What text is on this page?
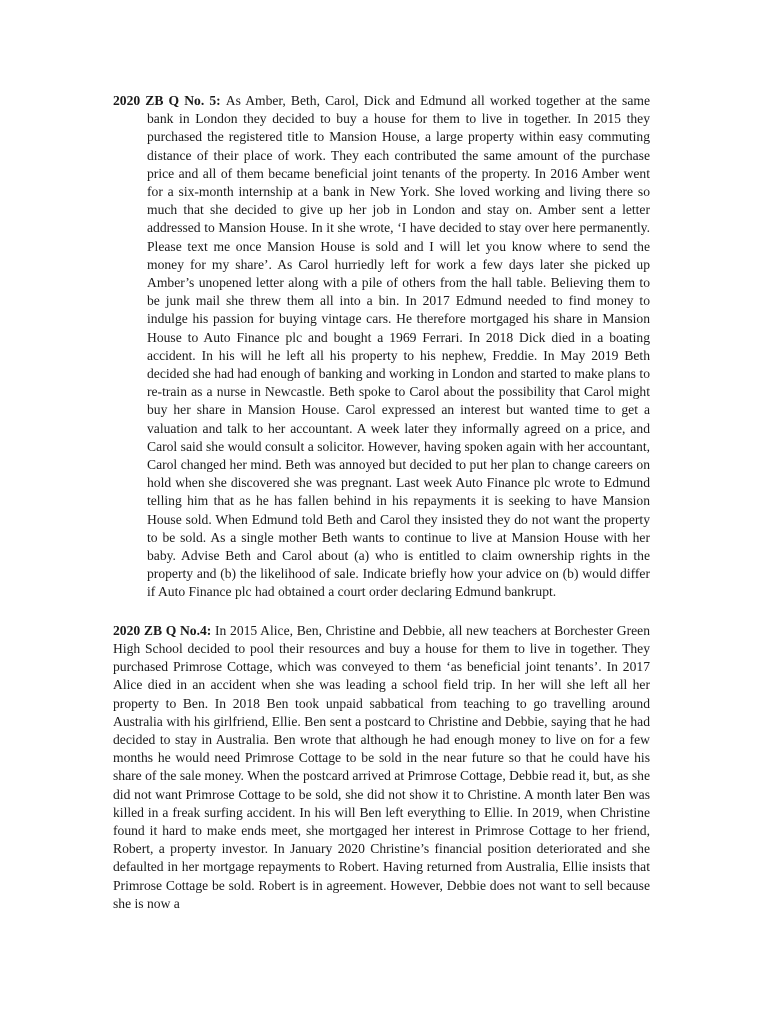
2020 ZB Q No. 5: As Amber, Beth, Carol, Dick and Edmund all worked together at the same bank in London they decided to buy a house for them to live in together. In 2015 they purchased the registered title to Mansion House, a large property within easy commuting distance of their place of work. They each contributed the same amount of the purchase price and all of them became beneficial joint tenants of the property. In 2016 Amber went for a six-month internship at a bank in New York. She loved working and living there so much that she decided to give up her job in London and stay on. Amber sent a letter addressed to Mansion House. In it she wrote, ‘I have decided to stay over here permanently. Please text me once Mansion House is sold and I will let you know where to send the money for my share’. As Carol hurriedly left for work a few days later she picked up Amber’s unopened letter along with a pile of others from the hall table. Believing them to be junk mail she threw them all into a bin. In 2017 Edmund needed to find money to indulge his passion for buying vintage cars. He therefore mortgaged his share in Mansion House to Auto Finance plc and bought a 1969 Ferrari. In 2018 Dick died in a boating accident. In his will he left all his property to his nephew, Freddie. In May 2019 Beth decided she had had enough of banking and working in London and started to make plans to re-train as a nurse in Newcastle. Beth spoke to Carol about the possibility that Carol might buy her share in Mansion House. Carol expressed an interest but wanted time to get a valuation and talk to her accountant. A week later they informally agreed on a price, and Carol said she would consult a solicitor. However, having spoken again with her accountant, Carol changed her mind. Beth was annoyed but decided to put her plan to change careers on hold when she discovered she was pregnant. Last week Auto Finance plc wrote to Edmund telling him that as he has fallen behind in his repayments it is seeking to have Mansion House sold. When Edmund told Beth and Carol they insisted they do not want the property to be sold. As a single mother Beth wants to continue to live at Mansion House with her baby. Advise Beth and Carol about (a) who is entitled to claim ownership rights in the property and (b) the likelihood of sale. Indicate briefly how your advice on (b) would differ if Auto Finance plc had obtained a court order declaring Edmund bankrupt.
2020 ZB Q No.4: In 2015 Alice, Ben, Christine and Debbie, all new teachers at Borchester Green High School decided to pool their resources and buy a house for them to live in together. They purchased Primrose Cottage, which was conveyed to them ‘as beneficial joint tenants’. In 2017 Alice died in an accident when she was leading a school field trip. In her will she left all her property to Ben. In 2018 Ben took unpaid sabbatical from teaching to go travelling around Australia with his girlfriend, Ellie. Ben sent a postcard to Christine and Debbie, saying that he had decided to stay in Australia. Ben wrote that although he had enough money to live on for a few months he would need Primrose Cottage to be sold in the near future so that he could have his share of the sale money. When the postcard arrived at Primrose Cottage, Debbie read it, but, as she did not want Primrose Cottage to be sold, she did not show it to Christine. A month later Ben was killed in a freak surfing accident. In his will Ben left everything to Ellie. In 2019, when Christine found it hard to make ends meet, she mortgaged her interest in Primrose Cottage to her friend, Robert, a property investor. In January 2020 Christine’s financial position deteriorated and she defaulted in her mortgage repayments to Robert. Having returned from Australia, Ellie insists that Primrose Cottage be sold. Robert is in agreement. However, Debbie does not want to sell because she is now a
